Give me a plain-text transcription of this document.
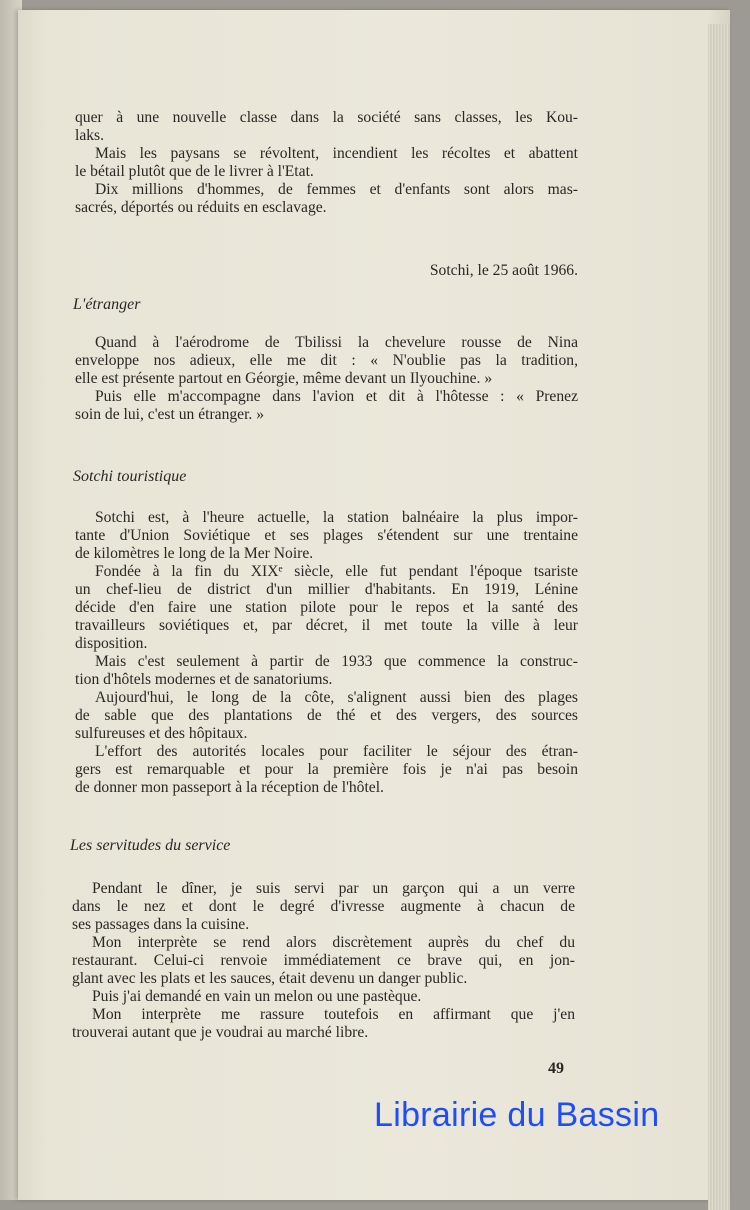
Sotchi, le 25 août 1966.
L'étranger
Sotchi touristique
Les servitudes du service
49
Librairie du Bassin
quer à une nouvelle classe dans la société sans classes, les Kou-
laks.
Mais les paysans se révoltent, incendient les récoltes et abattent
le bétail plutôt que de le livrer à l'Etat.
Dix millions d'hommes, de femmes et d'enfants sont alors mas-
sacrés, déportés ou réduits en esclavage.
Quand à l'aérodrome de Tbilissi la chevelure rousse de Nina
enveloppe nos adieux, elle me dit : « N'oublie pas la tradition,
elle est présente partout en Géorgie, même devant un Ilyouchine. »
Puis elle m'accompagne dans l'avion et dit à l'hôtesse : « Prenez
soin de lui, c'est un étranger. »
Sotchi est, à l'heure actuelle, la station balnéaire la plus impor-
tante d'Union Soviétique et ses plages s'étendent sur une trentaine
de kilomètres le long de la Mer Noire.
Fondée à la fin du XIXᵉ siècle, elle fut pendant l'époque tsariste
un chef-lieu de district d'un millier d'habitants. En 1919, Lénine
décide d'en faire une station pilote pour le repos et la santé des
travailleurs soviétiques et, par décret, il met toute la ville à leur
disposition.
Mais c'est seulement à partir de 1933 que commence la construc-
tion d'hôtels modernes et de sanatoriums.
Aujourd'hui, le long de la côte, s'alignent aussi bien des plages
de sable que des plantations de thé et des vergers, des sources
sulfureuses et des hôpitaux.
L'effort des autorités locales pour faciliter le séjour des étran-
gers est remarquable et pour la première fois je n'ai pas besoin
de donner mon passeport à la réception de l'hôtel.
Pendant le dîner, je suis servi par un garçon qui a un verre
dans le nez et dont le degré d'ivresse augmente à chacun de
ses passages dans la cuisine.
Mon interprète se rend alors discrètement auprès du chef du
restaurant. Celui-ci renvoie immédiatement ce brave qui, en jon-
glant avec les plats et les sauces, était devenu un danger public.
Puis j'ai demandé en vain un melon ou une pastèque.
Mon interprète me rassure toutefois en affirmant que j'en
trouverai autant que je voudrai au marché libre.
